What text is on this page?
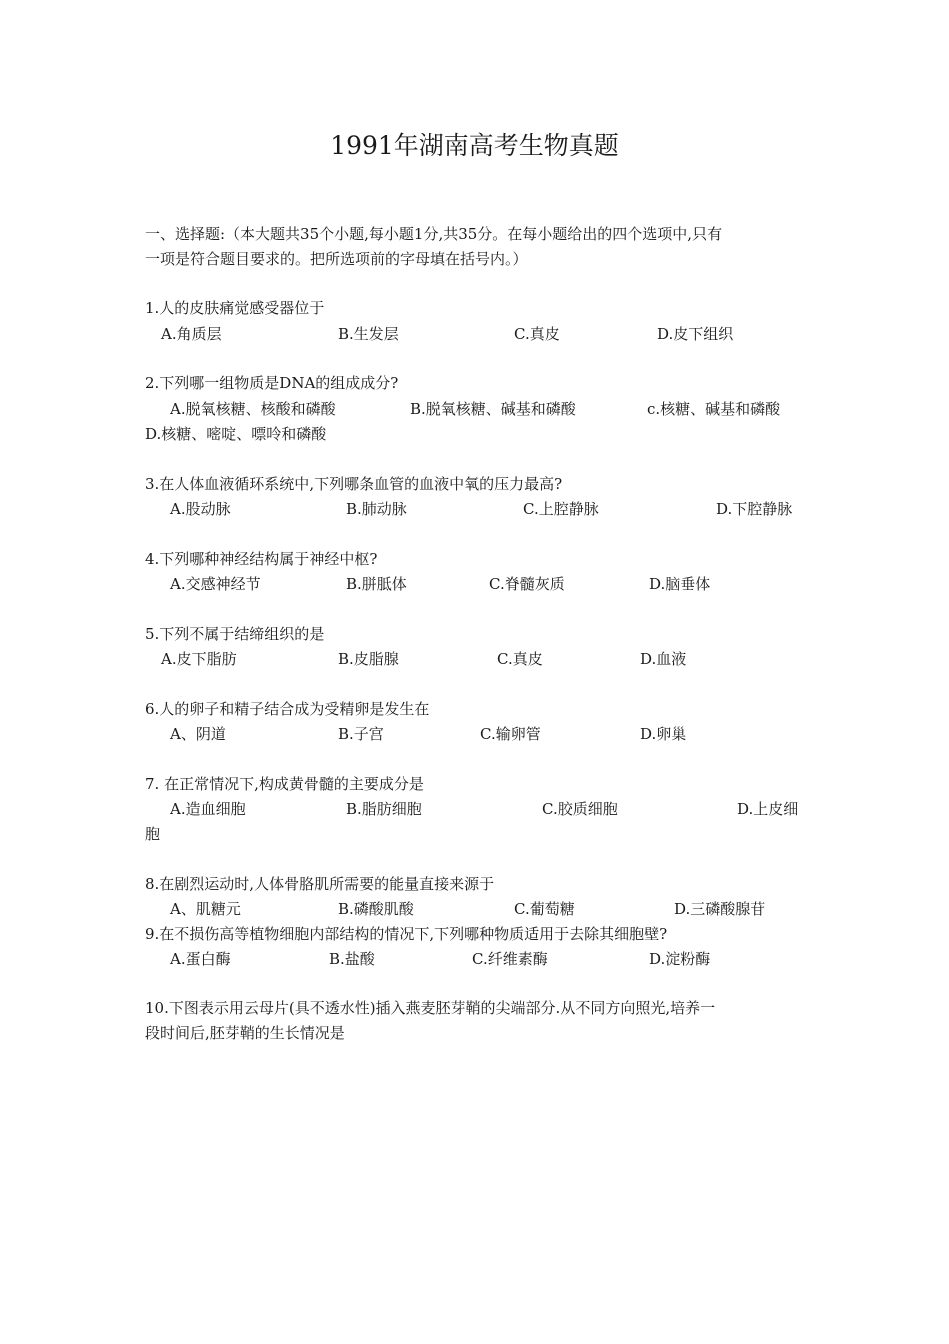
1991年湖南高考生物真题
一、选择题:（本大题共35个小题,每小题1分,共35分。在每小题给出的四个选项中,只有
一项是符合题目要求的。把所选项前的字母填在括号内。）
1.人的皮肤痛觉感受器位于
A.角质层	B.生发层	C.真皮	D.皮下组织
2.下列哪一组物质是DNA的组成成分?
A.脱氧核糖、核酸和磷酸	B.脱氧核糖、碱基和磷酸	c.核糖、碱基和磷酸
D.核糖、嘧啶、嘌呤和磷酸
3.在人体血液循环系统中,下列哪条血管的血液中氧的压力最高?
A.股动脉	B.肺动脉	C.上腔静脉	D.下腔静脉
4.下列哪种神经结构属于神经中枢?
A.交感神经节	B.胼胝体	C.脊髓灰质	D.脑垂体
5.下列不属于结缔组织的是
A.皮下脂肪	B.皮脂腺	C.真皮	D.血液
6.人的卵子和精子结合成为受精卵是发生在
A、阴道	B.子宫	C.输卵管	D.卵巢
7. 在正常情况下,构成黄骨髓的主要成分是
A.造血细胞	B.脂肪细胞	C.胶质细胞	D.上皮细
胞
8.在剧烈运动时,人体骨胳肌所需要的能量直接来源于
A、肌糖元	B.磷酸肌酸	C.葡萄糖	D.三磷酸腺苷
9.在不损伤高等植物细胞内部结构的情况下,下列哪种物质适用于去除其细胞壁?
A.蛋白酶	B.盐酸	C.纤维素酶	D.淀粉酶
10.下图表示用云母片(具不透水性)插入燕麦胚芽鞘的尖端部分.从不同方向照光,培养一
段时间后,胚芽鞘的生长情况是
